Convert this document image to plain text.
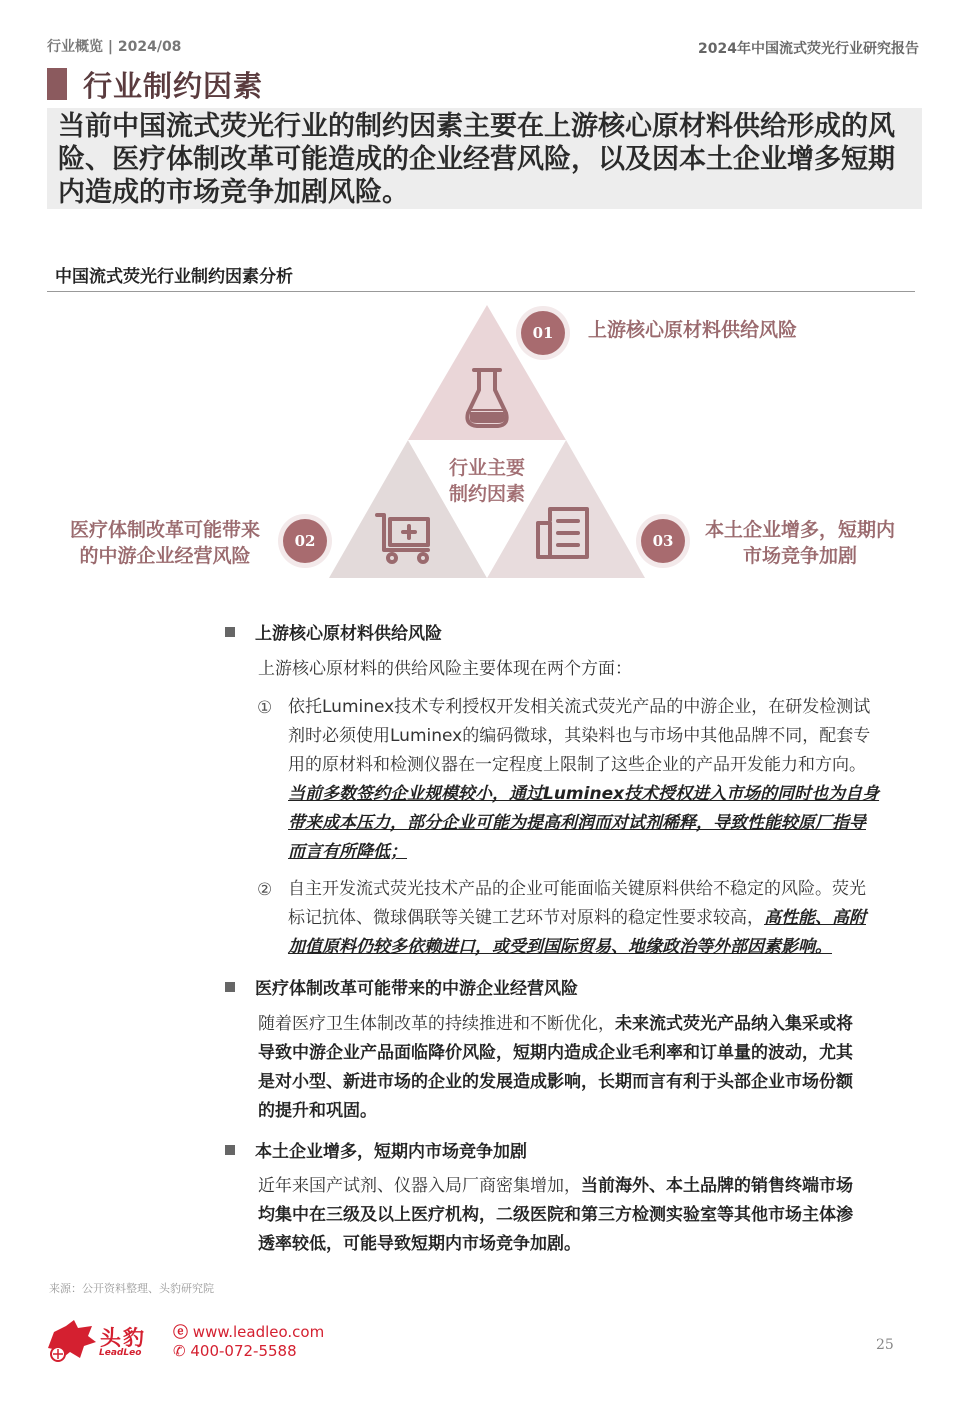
行业概览 | 2024/08	2024年中国流式荧光行业研究报告
行业制约因素
当前中国流式荧光行业的制约因素主要在上游核心原材料供给形成的风险、医疗体制改革可能造成的企业经营风险，以及因本土企业增多短期内造成的市场竞争加剧风险。
中国流式荧光行业制约因素分析
01	上游核心原材料供给风险
02
医疗体制改革可能带来
的中游企业经营风险
03	本土企业增多，短期内
市场竞争加剧
行业主要
制约因素
上游核心原材料供给风险
上游核心原材料的供给风险主要体现在两个方面：
① 依托Luminex技术专利授权开发相关流式荧光产品的中游企业，在研发检测试
剂时必须使用Luminex的编码微球，其染料也与市场中其他品牌不同，配套专
用的原材料和检测仪器在一定程度上限制了这些企业的产品开发能力和方向。
当前多数签约企业规模较小，通过Luminex技术授权进入市场的同时也为自身
带来成本压力，部分企业可能为提高利润而对试剂稀释，导致性能较原厂指导
而言有所降低；
② 自主开发流式荧光技术产品的企业可能面临关键原料供给不稳定的风险。荧光
标记抗体、微球偶联等关键工艺环节对原料的稳定性要求较高，高性能、高附
加值原料仍较多依赖进口，或受到国际贸易、地缘政治等外部因素影响。
医疗体制改革可能带来的中游企业经营风险
随着医疗卫生体制改革的持续推进和不断优化，未来流式荧光产品纳入集采或将
导致中游企业产品面临降价风险，短期内造成企业毛利率和订单量的波动，尤其
是对小型、新进市场的企业的发展造成影响，长期而言有利于头部企业市场份额
的提升和巩固。
本土企业增多，短期内市场竞争加剧
近年来国产试剂、仪器入局厂商密集增加，当前海外、本土品牌的销售终端市场
均集中在三级及以上医疗机构，二级医院和第三方检测实验室等其他市场主体渗
透率较低，可能导致短期内市场竞争加剧。
来源：公开资料整理、头豹研究院
头豹
LeadLeo
ⓔ www.leadleo.com
✆ 400-072-5588	25
